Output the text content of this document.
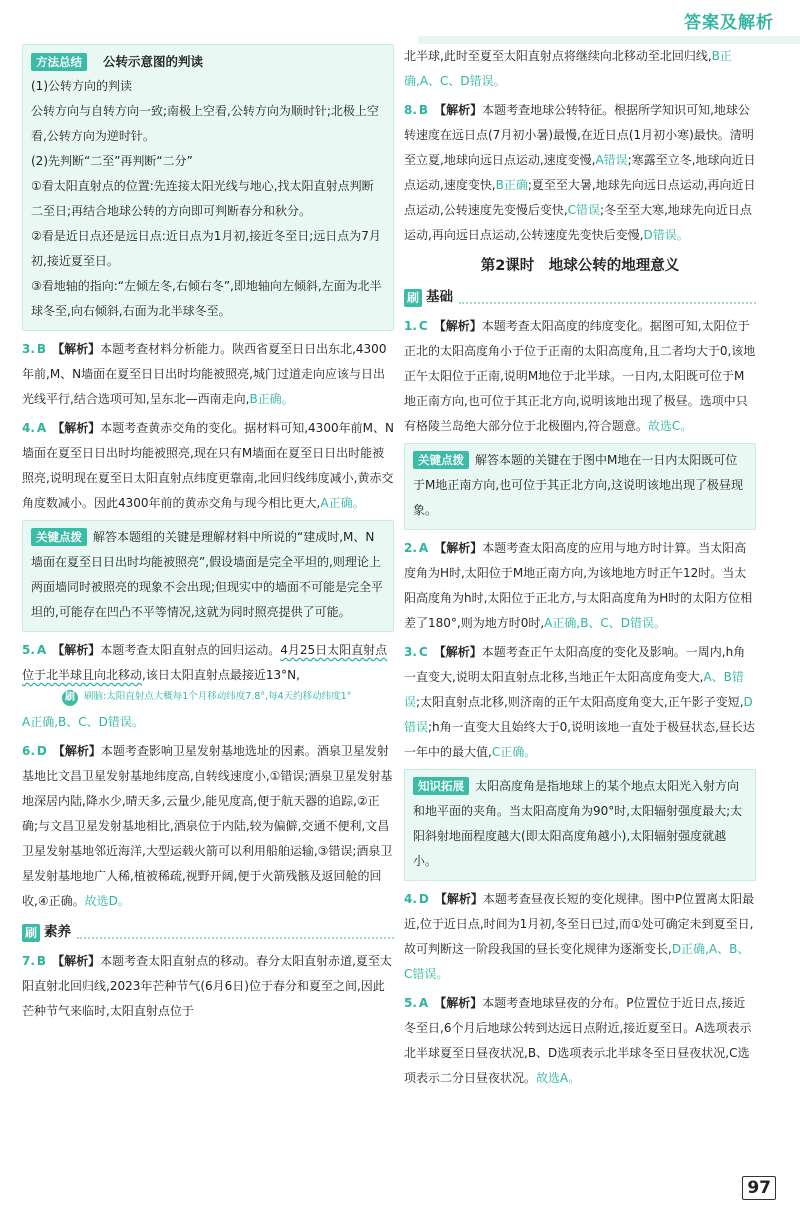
答案及解析
方法总结	公转示意图的判读

(1)公转方向的判读

公转方向与自转方向一致;南极上空看,公转方向为顺时针;北极上空看,公转方向为逆时针。

(2)先判断“二至”再判断“二分”

①看太阳直射点的位置:先连接太阳光线与地心,找太阳直射点判断二至日;再结合地球公转的方向即可判断春分和秋分。

②看是近日点还是远日点:近日点为1月初,接近冬至日;远日点为7月初,接近夏至日。

③看地轴的指向:“左倾左冬,右倾右冬”,即地轴向左倾斜,左面为北半球冬至,向右倾斜,右面为北半球冬至。

3. B 【解析】本题考查材料分析能力。陕西省夏至日日出东北,4300年前,M、N墙面在夏至日日出时均能被照亮,城门过道走向应该与日出光线平行,结合选项可知,呈东北—西南走向,B正确。

4. A 【解析】本题考查黄赤交角的变化。据材料可知,4300年前M、N墙面在夏至日日出时均能被照亮,现在只有M墙面在夏至日日出时能被照亮,说明现在夏至日太阳直射点纬度更靠南,北回归线纬度减小,黄赤交角度数减小。因此4300年前的黄赤交角与现今相比更大,A正确。

关键点拨 解答本题组的关键是理解材料中所说的“建成时,M、N墙面在夏至日日出时均能被照亮”,假设墙面是完全平坦的,则理论上两面墙同时被照亮的现象不会出现;但现实中的墙面不可能是完全平坦的,可能存在凹凸不平等情况,这就为同时照亮提供了可能。

5. A 【解析】本题考查太阳直射点的回归运动。4月25日太阳直射点位于北半球且向北移动,该日太阳直射点最接近13°N,

刷 刷脑:太阳直射点大概每1个月移动纬度7.8°,每4天约移动纬度1°

A正确,B、C、D错误。

6. D 【解析】本题考查影响卫星发射基地选址的因素。酒泉卫星发射基地比文昌卫星发射基地纬度高,自转线速度小,①错误;酒泉卫星发射基地深居内陆,降水少,晴天多,云量少,能见度高,便于航天器的追踪,②正确;与文昌卫星发射基地相比,酒泉位于内陆,较为偏僻,交通不便利,文昌卫星发射基地邻近海洋,大型运载火箭可以利用船舶运输,③错误;酒泉卫星发射基地地广人稀,植被稀疏,视野开阔,便于火箭残骸及返回舱的回收,④正确。故选D。

刷 素养

7. B 【解析】本题考查太阳直射点的移动。春分太阳直射赤道,夏至太阳直射北回归线,2023年芒种节气(6月6日)位于春分和夏至之间,因此芒种节气来临时,太阳直射点位于

北半球,此时至夏至太阳直射点将继续向北移动至北回归线,B正确,A、C、D错误。

8. B 【解析】本题考查地球公转特征。根据所学知识可知,地球公转速度在远日点(7月初小暑)最慢,在近日点(1月初小寒)最快。清明至立夏,地球向远日点运动,速度变慢,A错误;寒露至立冬,地球向近日点运动,速度变快,B正确;夏至至大暑,地球先向远日点运动,再向近日点运动,公转速度先变慢后变快,C错误;冬至至大寒,地球先向近日点运动,再向远日点运动,公转速度先变快后变慢,D错误。

第2课时　地球公转的地理意义
刷 基础

1. C 【解析】本题考查太阳高度的纬度变化。据图可知,太阳位于正北的太阳高度角小于位于正南的太阳高度角,且二者均大于0,该地正午太阳位于正南,说明M地位于北半球。一日内,太阳既可位于M地正南方向,也可位于其正北方向,说明该地出现了极昼。选项中只有格陵兰岛绝大部分位于北极圈内,符合题意。故选C。

关键点拨 解答本题的关键在于图中M地在一日内太阳既可位于M地正南方向,也可位于其正北方向,这说明该地出现了极昼现象。

2. A 【解析】本题考查太阳高度的应用与地方时计算。当太阳高度角为H时,太阳位于M地正南方向,为该地地方时正午12时。当太阳高度角为h时,太阳位于正北方,与太阳高度角为H时的太阳方位相差了180°,则为地方时0时,A正确,B、C、D错误。

3. C 【解析】本题考查正午太阳高度的变化及影响。一周内,h角一直变大,说明太阳直射点北移,当地正午太阳高度角变大,A、B错误;太阳直射点北移,则济南的正午太阳高度角变大,正午影子变短,D错误;h角一直变大且始终大于0,说明该地一直处于极昼状态,昼长达一年中的最大值,C正确。

知识拓展 太阳高度角是指地球上的某个地点太阳光入射方向和地平面的夹角。当太阳高度角为90°时,太阳辐射强度最大;太阳斜射地面程度越大(即太阳高度角越小),太阳辐射强度就越小。

4. D 【解析】本题考查昼夜长短的变化规律。图中P位置离太阳最近,位于近日点,时间为1月初,冬至日已过,而①处可确定未到夏至日,故可判断这一阶段我国的昼长变化规律为逐渐变长,D正确,A、B、C错误。

5. A 【解析】本题考查地球昼夜的分布。P位置位于近日点,接近冬至日,6个月后地球公转到达远日点附近,接近夏至日。A选项表示北半球夏至日昼夜状况,B、D选项表示北半球冬至日昼夜状况,C选项表示二分日昼夜状况。故选A。

97
